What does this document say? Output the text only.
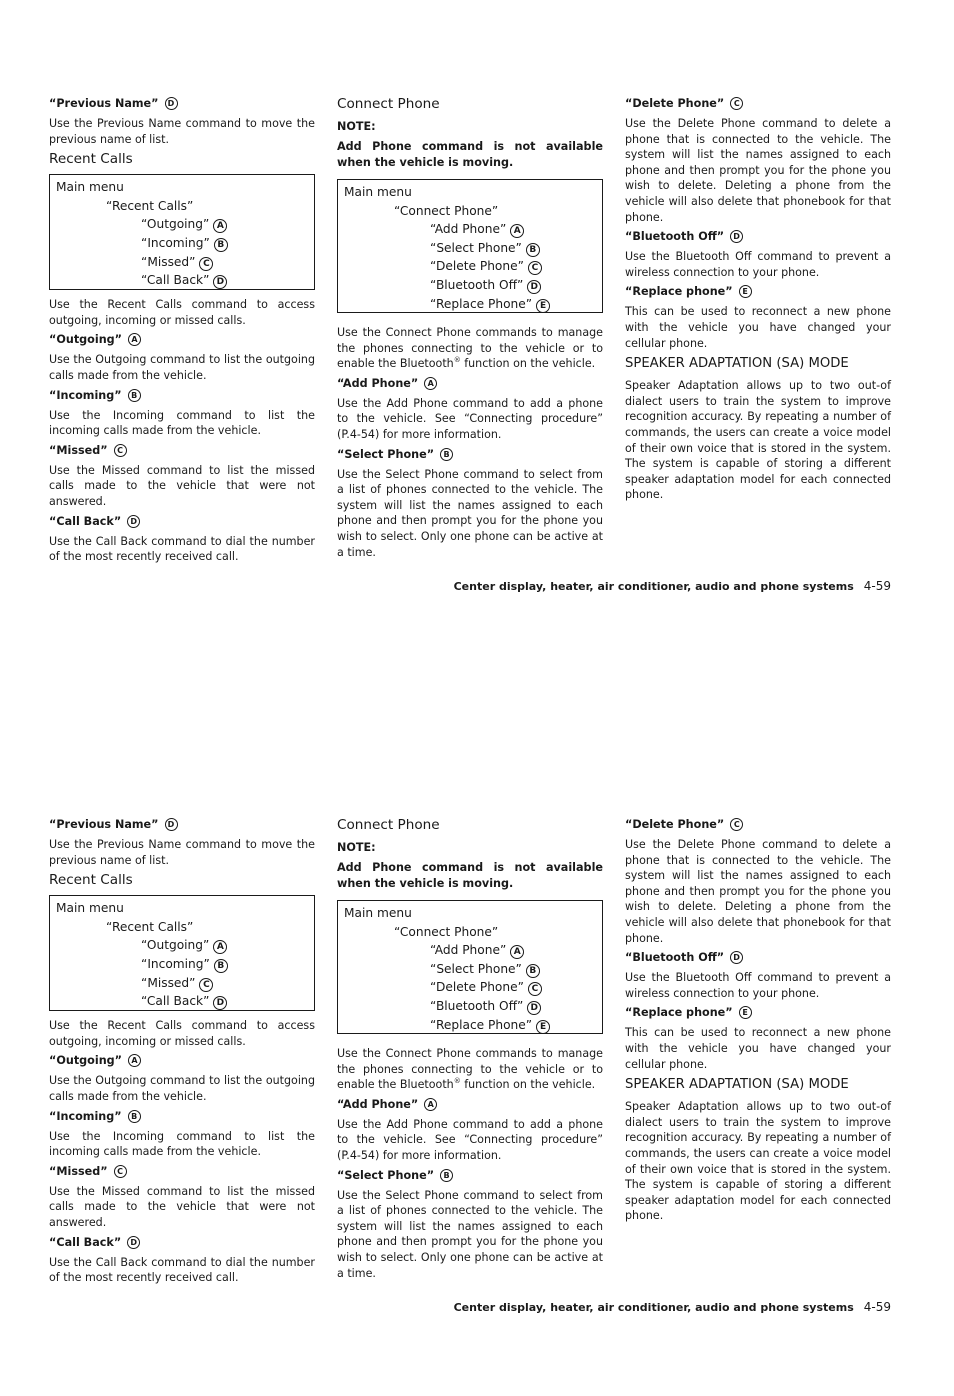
“Previous Name” D

Use the Previous Name command to move the previous name of list.

Recent Calls
Main menu
“Recent Calls”
“Outgoing” A
“Incoming” B
“Missed” C
“Call Back” D

Use the Recent Calls command to access outgoing, incoming or missed calls.

“Outgoing” A

Use the Outgoing command to list the outgoing calls made from the vehicle.

“Incoming” B

Use the Incoming command to list the incoming calls made from the vehicle.

“Missed” C

Use the Missed command to list the missed calls made to the vehicle that were not answered.

“Call Back” D

Use the Call Back command to dial the number of the most recently received call.

Connect Phone
NOTE:

Add Phone command is not available when the vehicle is moving.

Main menu
“Connect Phone”
“Add Phone” A
“Select Phone” B
“Delete Phone” C
“Bluetooth Off” D
“Replace Phone” E

Use the Connect Phone commands to manage the phones connecting to the vehicle or to enable the Bluetooth® function on the vehicle.

“Add Phone” A

Use the Add Phone command to add a phone to the vehicle. See “Connecting procedure” (P.4-54) for more information.

“Select Phone” B

Use the Select Phone command to select from a list of phones connected to the vehicle. The system will list the names assigned to each phone and then prompt you for the phone you wish to select. Only one phone can be active at a time.

“Delete Phone” C

Use the Delete Phone command to delete a phone that is connected to the vehicle. The system will list the names assigned to each phone and then prompt you for the phone you wish to delete. Deleting a phone from the vehicle will also delete that phonebook for that phone.

“Bluetooth Off” D

Use the Bluetooth Off command to prevent a wireless connection to your phone.

“Replace phone” E

This can be used to reconnect a new phone with the vehicle you have changed your cellular phone.

SPEAKER ADAPTATION (SA) MODE

Speaker Adaptation allows up to two out-of dialect users to train the system to improve recognition accuracy. By repeating a number of commands, the users can create a voice model of their own voice that is stored in the system. The system is capable of storing a different speaker adaptation model for each connected phone.

Center display, heater, air conditioner, audio and phone systems 4-59
“Previous Name” D

Use the Previous Name command to move the previous name of list.

Recent Calls
Main menu
“Recent Calls”
“Outgoing” A
“Incoming” B
“Missed” C
“Call Back” D

Use the Recent Calls command to access outgoing, incoming or missed calls.

“Outgoing” A

Use the Outgoing command to list the outgoing calls made from the vehicle.

“Incoming” B

Use the Incoming command to list the incoming calls made from the vehicle.

“Missed” C

Use the Missed command to list the missed calls made to the vehicle that were not answered.

“Call Back” D

Use the Call Back command to dial the number of the most recently received call.

Connect Phone
NOTE:

Add Phone command is not available when the vehicle is moving.

Main menu
“Connect Phone”
“Add Phone” A
“Select Phone” B
“Delete Phone” C
“Bluetooth Off” D
“Replace Phone” E

Use the Connect Phone commands to manage the phones connecting to the vehicle or to enable the Bluetooth® function on the vehicle.

“Add Phone” A

Use the Add Phone command to add a phone to the vehicle. See “Connecting procedure” (P.4-54) for more information.

“Select Phone” B

Use the Select Phone command to select from a list of phones connected to the vehicle. The system will list the names assigned to each phone and then prompt you for the phone you wish to select. Only one phone can be active at a time.

“Delete Phone” C

Use the Delete Phone command to delete a phone that is connected to the vehicle. The system will list the names assigned to each phone and then prompt you for the phone you wish to delete. Deleting a phone from the vehicle will also delete that phonebook for that phone.

“Bluetooth Off” D

Use the Bluetooth Off command to prevent a wireless connection to your phone.

“Replace phone” E

This can be used to reconnect a new phone with the vehicle you have changed your cellular phone.

SPEAKER ADAPTATION (SA) MODE

Speaker Adaptation allows up to two out-of dialect users to train the system to improve recognition accuracy. By repeating a number of commands, the users can create a voice model of their own voice that is stored in the system. The system is capable of storing a different speaker adaptation model for each connected phone.

Center display, heater, air conditioner, audio and phone systems 4-59
